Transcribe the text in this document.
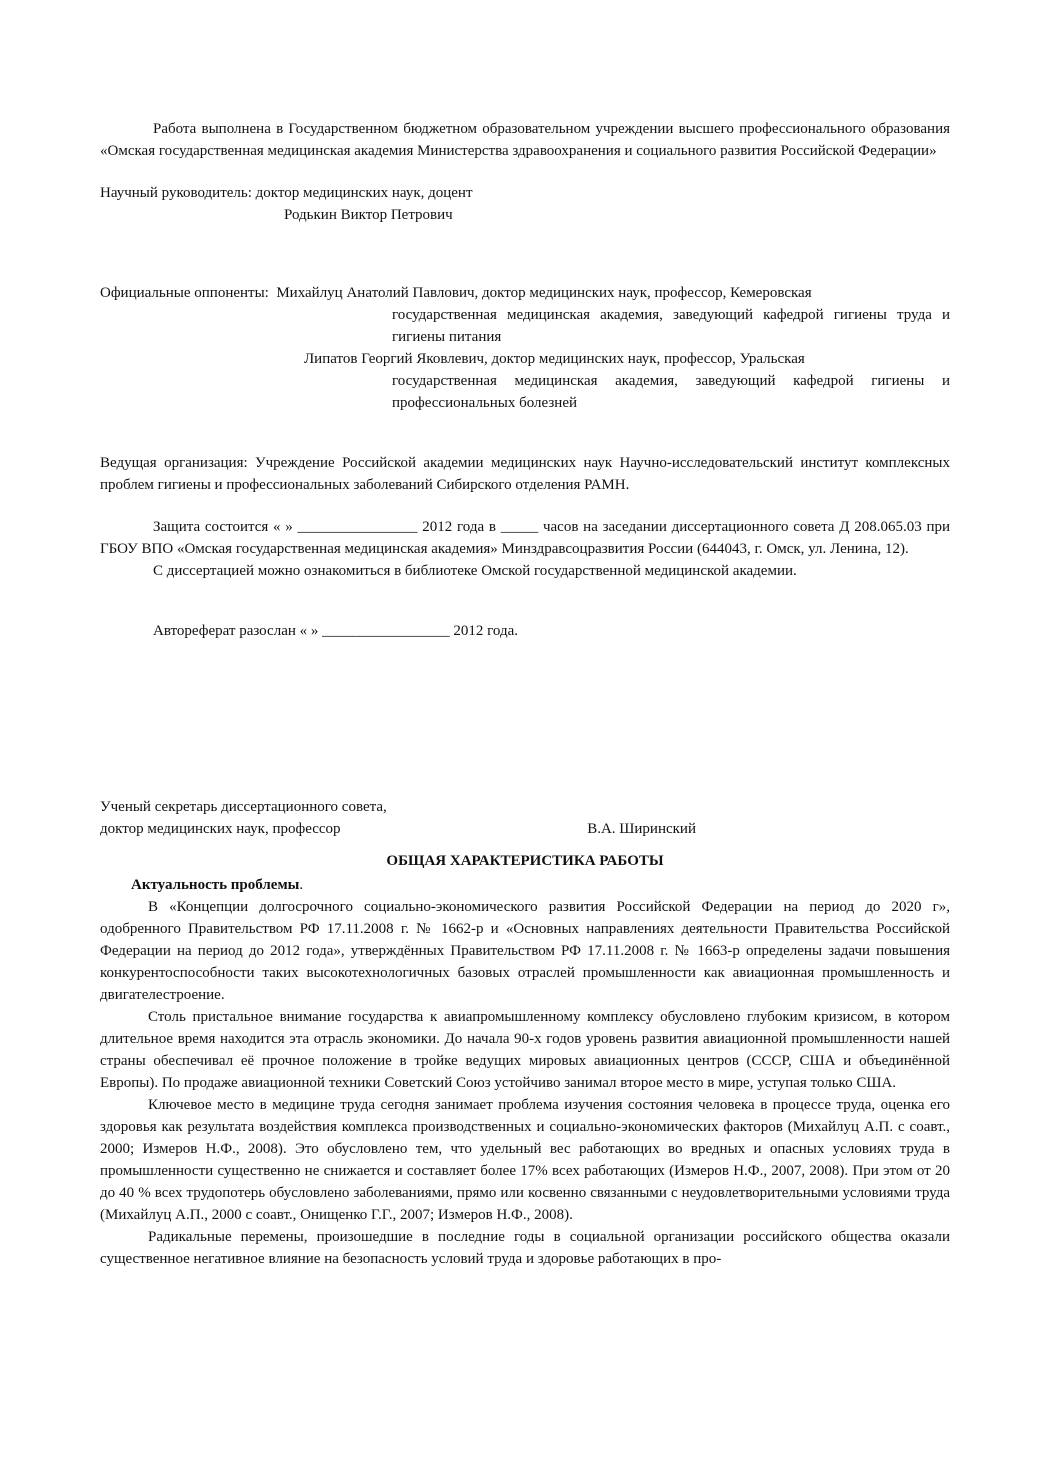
Работа выполнена в Государственном бюджетном образовательном учреждении высшего профессионального образования «Омская государственная медицинская академия Министерства здравоохранения и социального развития Российской Федерации»

Научный руководитель: доктор медицинских наук, доцент

Родькин Виктор Петрович

Официальные оппоненты: Михайлуц Анатолий Павлович, доктор медицинских наук, профессор, Кемеровская

государственная медицинская академия, заведующий кафедрой гигиены труда и гигиены питания

Липатов Георгий Яковлевич, доктор медицинских наук, профессор, Уральская

государственная медицинская академия, заведующий кафедрой гигиены и профессиональных болезней

Ведущая организация: Учреждение Российской академии медицинских наук Научно-исследовательский институт комплексных проблем гигиены и профессиональных заболеваний Сибирского отделения РАМН.

Защита состоится « » ________________ 2012 года в _____ часов на заседании диссертационного совета Д 208.065.03 при ГБОУ ВПО «Омская государственная медицинская академия» Минздравсоцразвития России (644043, г. Омск, ул. Ленина, 12).

С диссертацией можно ознакомиться в библиотеке Омской государственной медицинской академии.

Автореферат разослан « » _________________ 2012 года.

Ученый секретарь диссертационного совета,

доктор медицинских наук, профессор	В.А. Ширинский

ОБЩАЯ ХАРАКТЕРИСТИКА РАБОТЫ

Актуальность проблемы.

В «Концепции долгосрочного социально-экономического развития Российской Федерации на период до 2020 г», одобренного Правительством РФ 17.11.2008 г. № 1662-р и «Основных направлениях деятельности Правительства Российской Федерации на период до 2012 года», утверждённых Правительством РФ 17.11.2008 г. № 1663-р определены задачи повышения конкурентоспособности таких высокотехнологичных базовых отраслей промышленности как авиационная промышленность и двигателестроение.

Столь пристальное внимание государства к авиапромышленному комплексу обусловлено глубоким кризисом, в котором длительное время находится эта отрасль экономики. До начала 90-х годов уровень развития авиационной промышленности нашей страны обеспечивал её прочное положение в тройке ведущих мировых авиационных центров (СССР, США и объединённой Европы). По продаже авиационной техники Советский Союз устойчиво занимал второе место в мире, уступая только США.

Ключевое место в медицине труда сегодня занимает проблема изучения состояния человека в процессе труда, оценка его здоровья как результата воздействия комплекса производственных и социально-экономических факторов (Михайлуц А.П. с соавт., 2000; Измеров Н.Ф., 2008). Это обусловлено тем, что удельный вес работающих во вредных и опасных условиях труда в промышленности существенно не снижается и составляет более 17% всех работающих (Измеров Н.Ф., 2007, 2008). При этом от 20 до 40 % всех трудопотерь обусловлено заболеваниями, прямо или косвенно связанными с неудовлетворительными условиями труда (Михайлуц А.П., 2000 с соавт., Онищенко Г.Г., 2007; Измеров Н.Ф., 2008).

Радикальные перемены, произошедшие в последние годы в социальной организации российского общества оказали существенное негативное влияние на безопасность условий труда и здоровье работающих в про-
